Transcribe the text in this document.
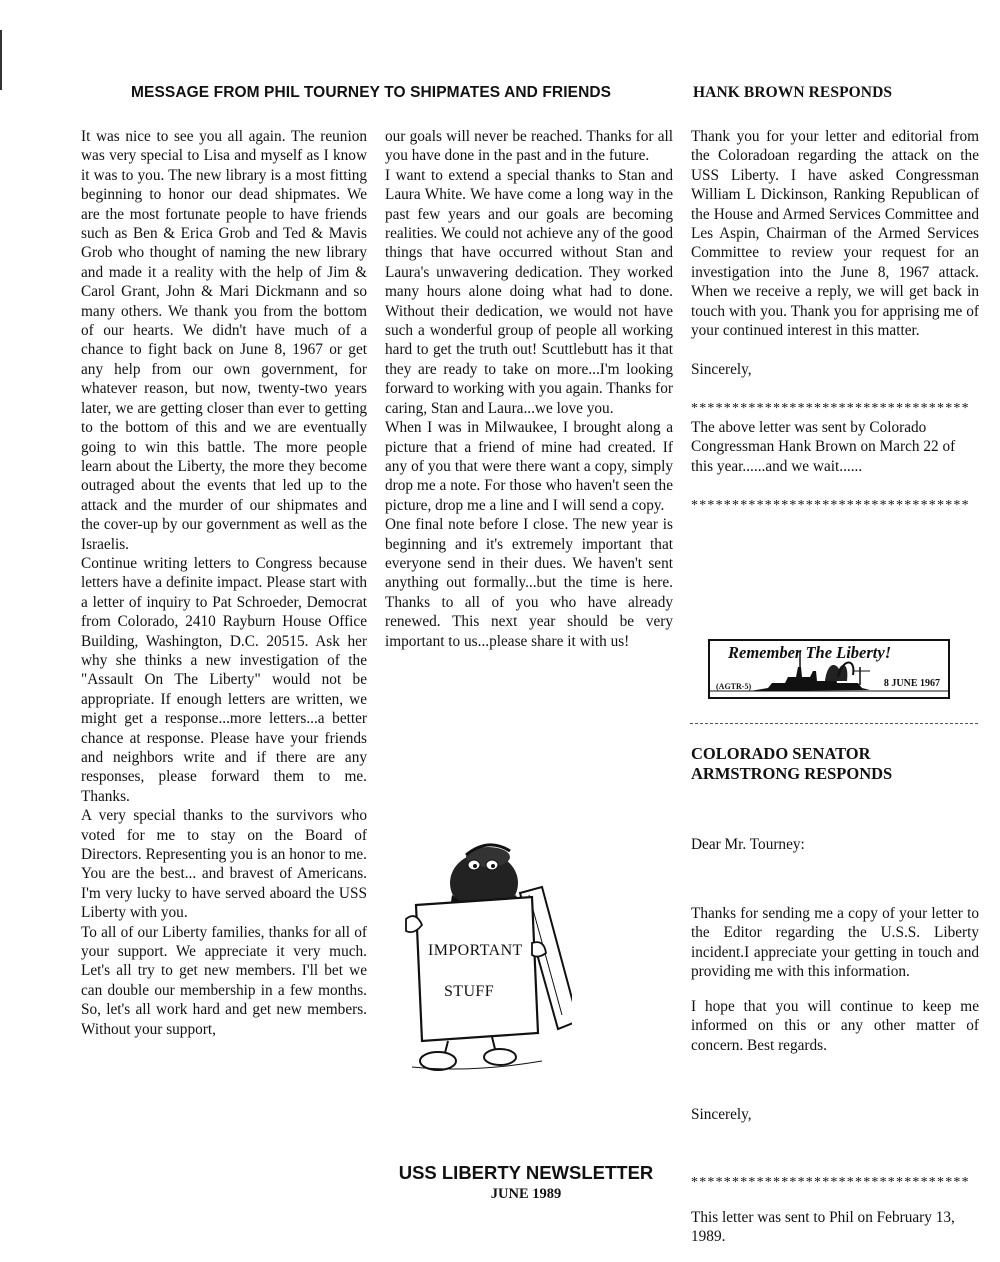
MESSAGE FROM PHIL TOURNEY TO SHIPMATES AND FRIENDS	HANK BROWN RESPONDS

It was nice to see you all again. The reunion was very special to Lisa and myself as I know it was to you. The new library is a most fitting beginning to honor our dead shipmates. We are the most fortunate people to have friends such as Ben & Erica Grob and Ted & Mavis Grob who thought of naming the new library and made it a reality with the help of Jim & Carol Grant, John & Mari Dickmann and so many others. We thank you from the bottom of our hearts. We didn't have much of a chance to fight back on June 8, 1967 or get any help from our own government, for whatever reason, but now, twenty-two years later, we are getting closer than ever to getting to the bottom of this and we are eventually going to win this battle. The more people learn about the Liberty, the more they become outraged about the events that led up to the attack and the murder of our shipmates and the cover-up by our government as well as the Israelis.

Continue writing letters to Congress because letters have a definite impact. Please start with a letter of inquiry to Pat Schroeder, Democrat from Colorado, 2410 Rayburn House Office Building, Washington, D.C. 20515. Ask her why she thinks a new investigation of the "Assault On The Liberty" would not be appropriate. If enough letters are written, we might get a response...more letters...a better chance at response. Please have your friends and neighbors write and if there are any responses, please forward them to me. Thanks.

A very special thanks to the survivors who voted for me to stay on the Board of Directors. Representing you is an honor to me. You are the best... and bravest of Americans. I'm very lucky to have served aboard the USS Liberty with you.

To all of our Liberty families, thanks for all of your support. We appreciate it very much. Let's all try to get new members. I'll bet we can double our membership in a few months. So, let's all work hard and get new members. Without your support,

our goals will never be reached. Thanks for all you have done in the past and in the future.

I want to extend a special thanks to Stan and Laura White. We have come a long way in the past few years and our goals are becoming realities. We could not achieve any of the good things that have occurred without Stan and Laura's unwavering dedication. They worked many hours alone doing what had to done. Without their dedication, we would not have such a wonderful group of people all working hard to get the truth out! Scuttlebutt has it that they are ready to take on more...I'm looking forward to working with you again. Thanks for caring, Stan and Laura...we love you.

When I was in Milwaukee, I brought along a picture that a friend of mine had created. If any of you that were there want a copy, simply drop me a note. For those who haven't seen the picture, drop me a line and I will send a copy.

One final note before I close. The new year is beginning and it's extremely important that everyone send in their dues. We haven't sent anything out formally...but the time is here. Thanks to all of you who have already renewed. This next year should be very important to us...please share it with us!

Thank you for your letter and editorial from the Coloradoan regarding the attack on the USS Liberty. I have asked Congressman William L Dickinson, Ranking Republican of the House and Armed Services Committee and Les Aspin, Chairman of the Armed Services Committee to review your request for an investigation into the June 8, 1967 attack. When we receive a reply, we will get back in touch with you. Thank you for apprising me of your continued interest in this matter.

Sincerely,

**********************************

The above letter was sent by Colorado Congressman Hank Brown on March 22 of this year......and we wait......

**********************************

Remember The Liberty!
(AGTR-5)	8 JUNE 1967

COLORADO SENATOR ARMSTRONG RESPONDS

Dear Mr. Tourney:

Thanks for sending me a copy of your letter to the Editor regarding the U.S.S. Liberty incident.I appreciate your getting in touch and providing me with this information.

I hope that you will continue to keep me informed on this or any other matter of concern. Best regards.

Sincerely,

**********************************

This letter was sent to Phil on February 13, 1989.

IMPORTANT
STUFF
USS LIBERTY NEWSLETTER
JUNE 1989
